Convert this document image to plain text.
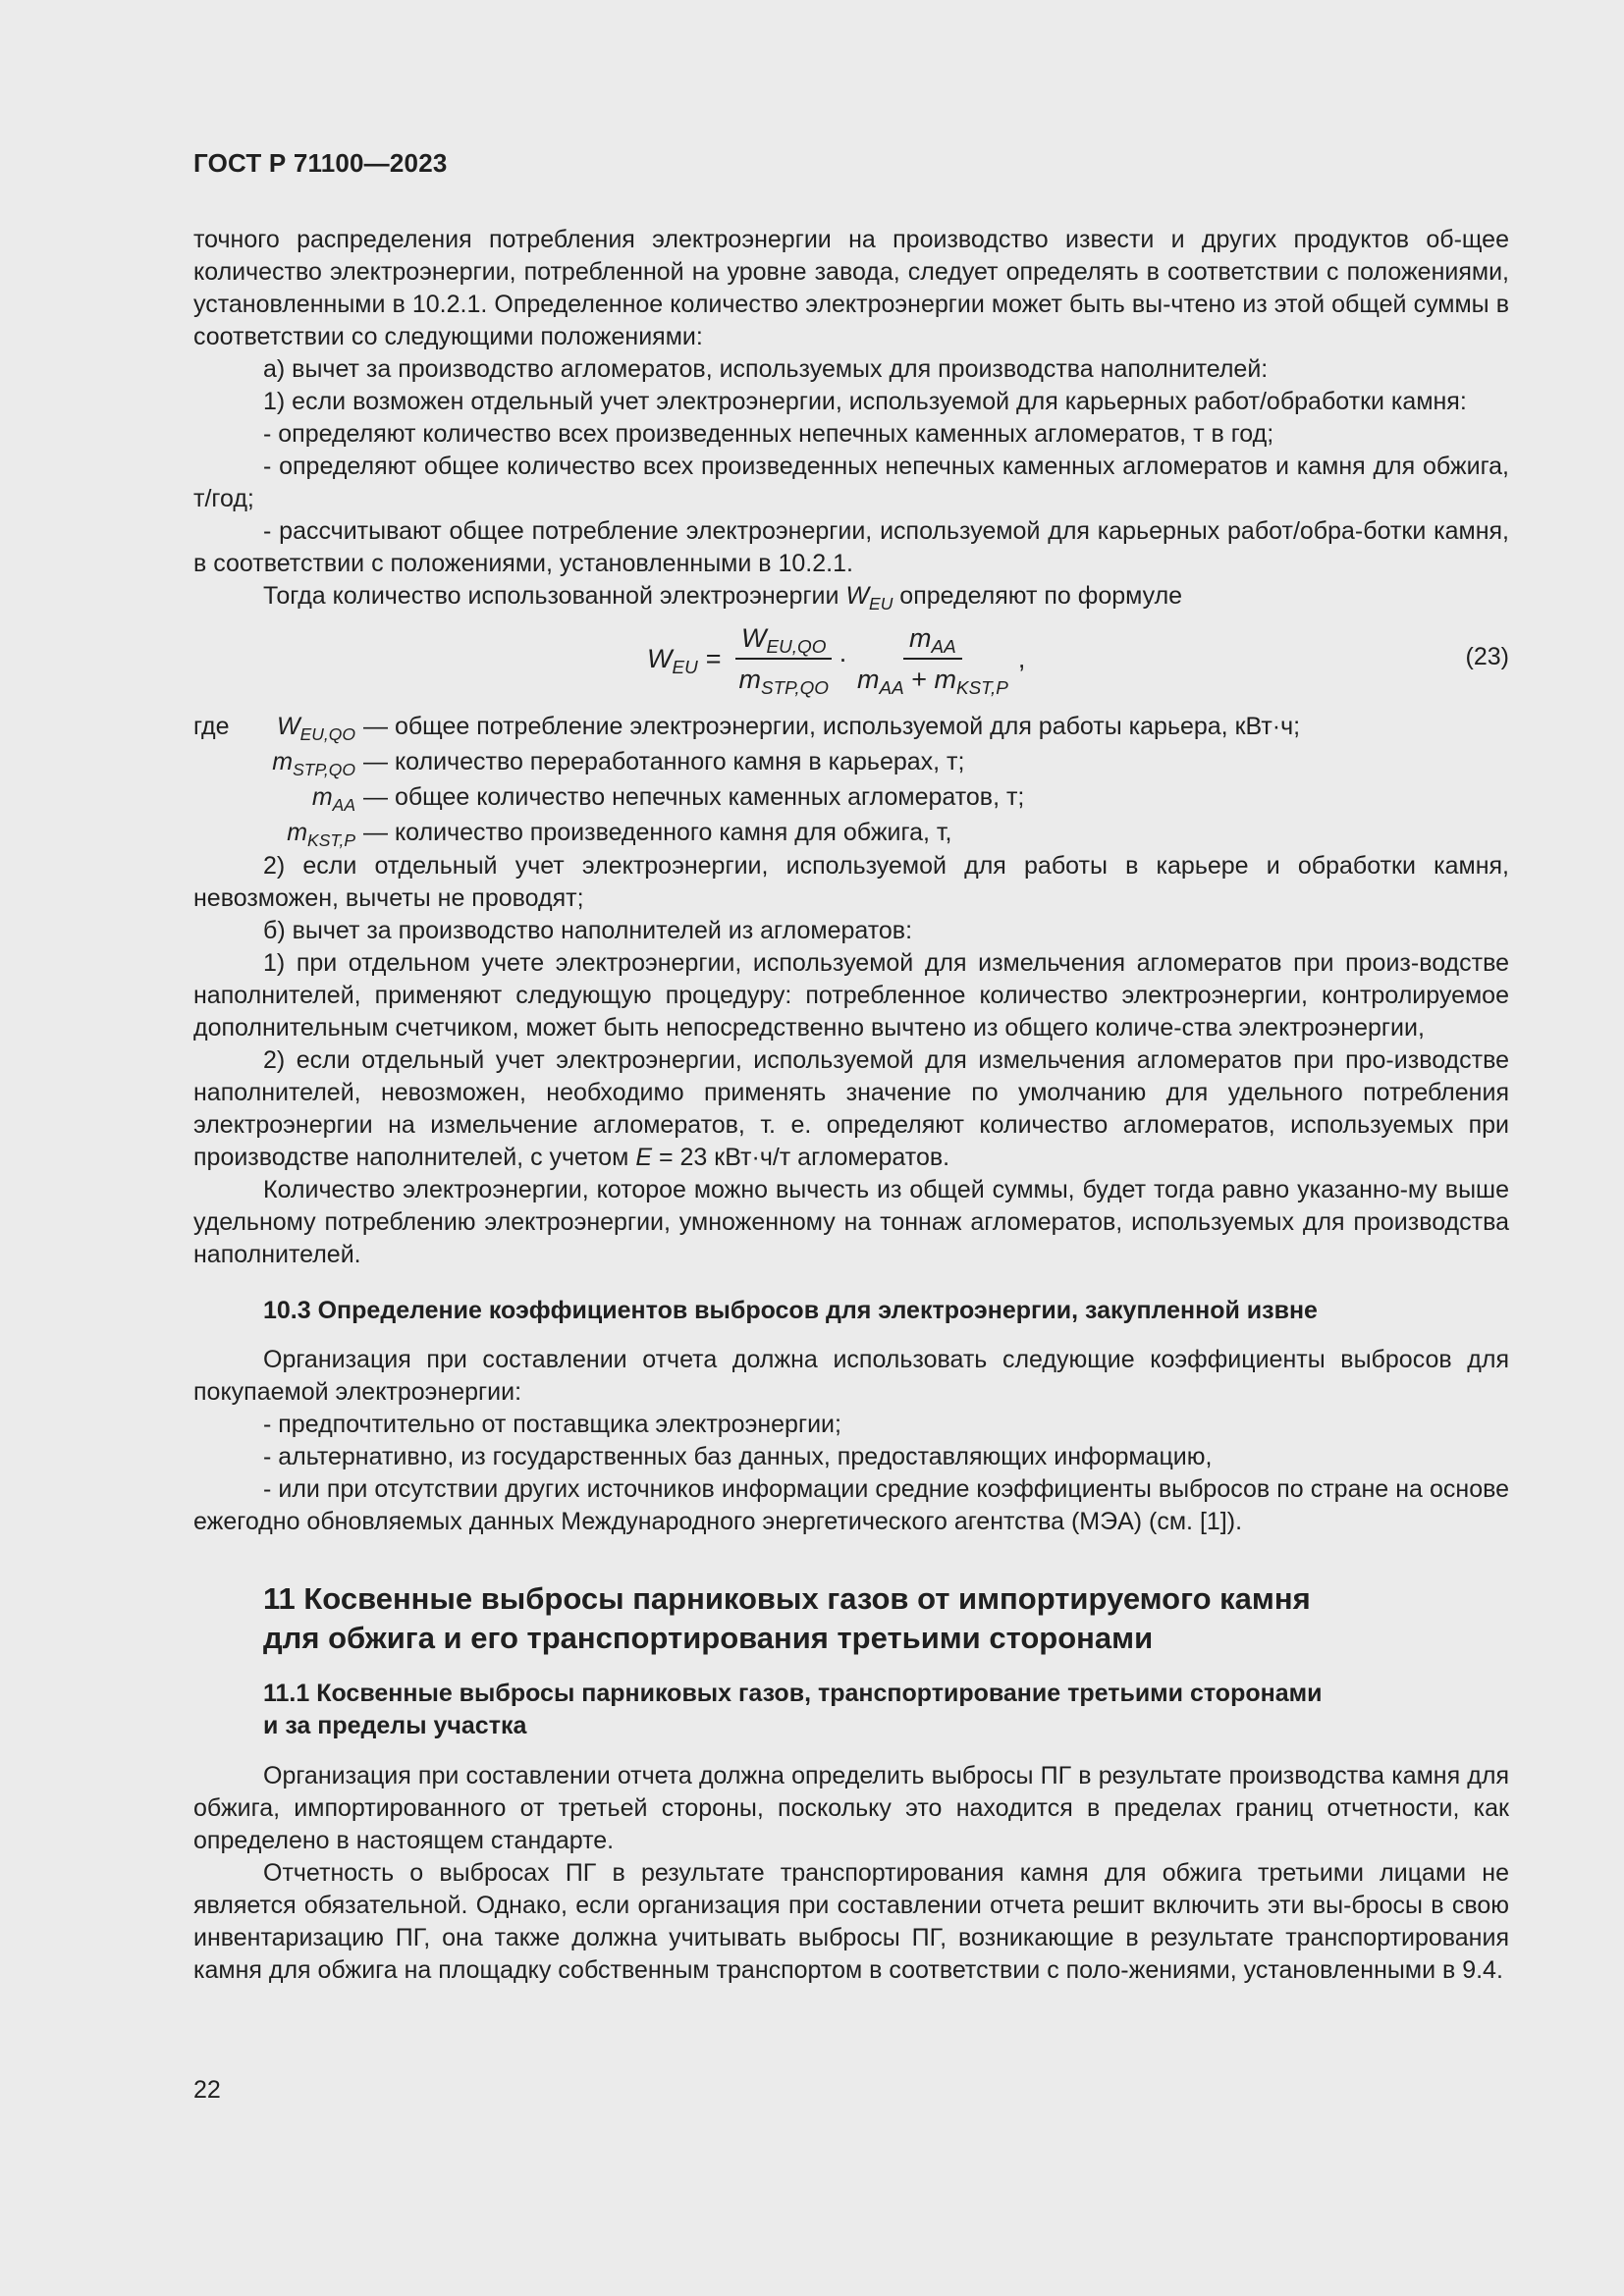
ГОСТ Р 71100—2023

точного распределения потребления электроэнергии на производство извести и других продуктов об-щее количество электроэнергии, потребленной на уровне завода, следует определять в соответствии с положениями, установленными в 10.2.1. Определенное количество электроэнергии может быть вы-чтено из этой общей суммы в соответствии со следующими положениями:

а) вычет за производство агломератов, используемых для производства наполнителей:

1) если возможен отдельный учет электроэнергии, используемой для карьерных работ/обработки камня:

- определяют количество всех произведенных непечных каменных агломератов, т в год;

- определяют общее количество всех произведенных непечных каменных агломератов и камня для обжига, т/год;

- рассчитывают общее потребление электроэнергии, используемой для карьерных работ/обра-ботки камня, в соответствии с положениями, установленными в 10.2.1.

Тогда количество использованной электроэнергии $W_{EU}$ определяют по формуле

$W_{EU} = \frac{W_{EU,QO}}{m_{STP,QO}} \cdot \frac{m_{AA}}{m_{AA} + m_{KST,P}}$ ,	(23)
где $W_{EU,QO}$ — общее потребление электроэнергии, используемой для работы карьера, кВт·ч;
$m_{STP,QO}$ — количество переработанного камня в карьерах, т;
$m_{AA}$ — общее количество непечных каменных агломератов, т;
$m_{KST,P}$ — количество произведенного камня для обжига, т,

2) если отдельный учет электроэнергии, используемой для работы в карьере и обработки камня, невозможен, вычеты не проводят;

б) вычет за производство наполнителей из агломератов:

1) при отдельном учете электроэнергии, используемой для измельчения агломератов при произ-водстве наполнителей, применяют следующую процедуру: потребленное количество электроэнергии, контролируемое дополнительным счетчиком, может быть непосредственно вычтено из общего количе-ства электроэнергии,

2) если отдельный учет электроэнергии, используемой для измельчения агломератов при про-изводстве наполнителей, невозможен, необходимо применять значение по умолчанию для удельного потребления электроэнергии на измельчение агломератов, т. е. определяют количество агломератов, используемых при производстве наполнителей, с учетом E = 23 кВт·ч/т агломератов.

Количество электроэнергии, которое можно вычесть из общей суммы, будет тогда равно указанно-му выше удельному потреблению электроэнергии, умноженному на тоннаж агломератов, используемых для производства наполнителей.

10.3 Определение коэффициентов выбросов для электроэнергии, закупленной извне

Организация при составлении отчета должна использовать следующие коэффициенты выбросов для покупаемой электроэнергии:

- предпочтительно от поставщика электроэнергии;

- альтернативно, из государственных баз данных, предоставляющих информацию,

- или при отсутствии других источников информации средние коэффициенты выбросов по стране на основе ежегодно обновляемых данных Международного энергетического агентства (МЭА) (см. [1]).

11 Косвенные выбросы парниковых газов от импортируемого камня
для обжига и его транспортирования третьими сторонами
11.1 Косвенные выбросы парниковых газов, транспортирование третьими сторонами
и за пределы участка

Организация при составлении отчета должна определить выбросы ПГ в результате производства камня для обжига, импортированного от третьей стороны, поскольку это находится в пределах границ отчетности, как определено в настоящем стандарте.

Отчетность о выбросах ПГ в результате транспортирования камня для обжига третьими лицами не является обязательной. Однако, если организация при составлении отчета решит включить эти вы-бросы в свою инвентаризацию ПГ, она также должна учитывать выбросы ПГ, возникающие в результате транспортирования камня для обжига на площадку собственным транспортом в соответствии с поло-жениями, установленными в 9.4.

22
